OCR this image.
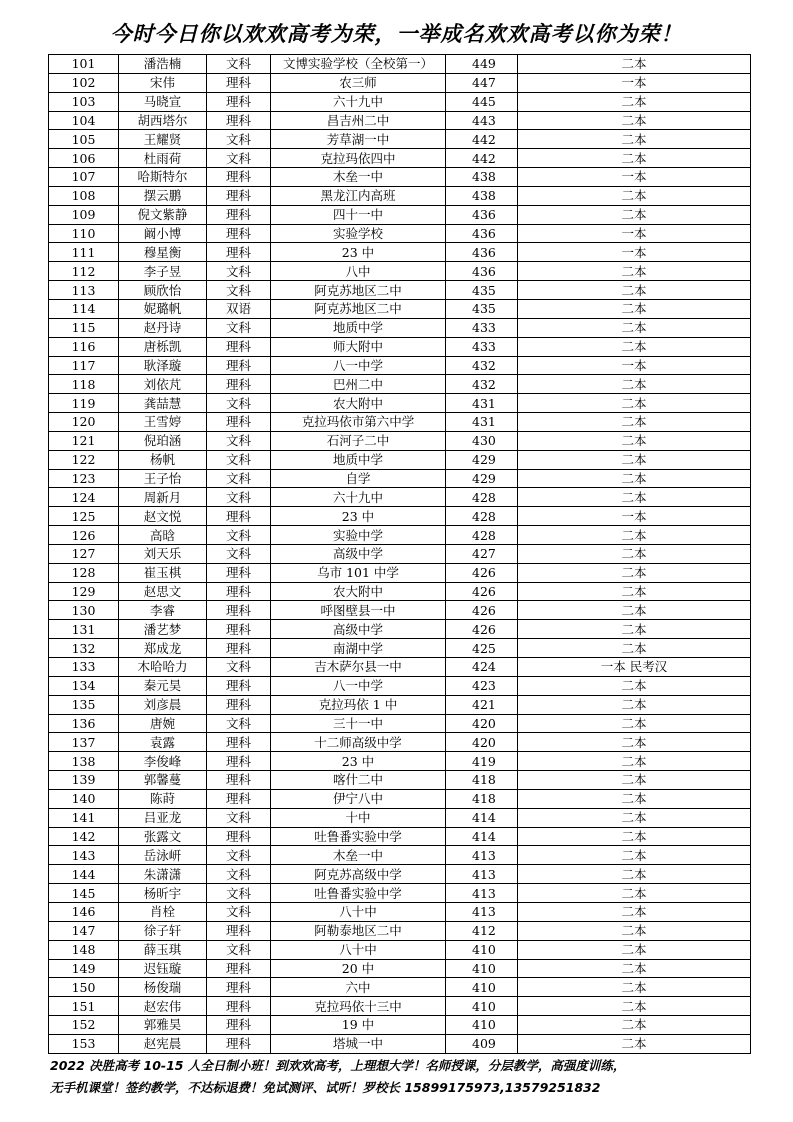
今时今日你以欢欢高考为荣，一举成名欢欢高考以你为荣！
101	潘浩楠	文科	文博实验学校（全校第一）	449	二本
102	宋伟	理科	农三师	447	一本
103	马晓宣	理科	六十九中	445	二本
104	胡西塔尔	理科	昌吉州二中	443	二本
105	王耀贤	文科	芳草湖一中	442	二本
106	杜雨荷	文科	克拉玛依四中	442	二本
107	哈斯特尔	理科	木垒一中	438	一本
108	摆云鹏	理科	黑龙江内高班	438	二本
109	倪文紫静	理科	四十一中	436	二本
110	阚小博	理科	实验学校	436	一本
111	穆星衡	理科	23 中	436	一本
112	李子昱	文科	八中	436	二本
113	顾欣怡	文科	阿克苏地区二中	435	二本
114	妮璐帆	双语	阿克苏地区二中	435	二本
115	赵丹诗	文科	地质中学	433	二本
116	唐栎凯	理科	师大附中	433	二本
117	耿泽璇	理科	八一中学	432	一本
118	刘依芃	理科	巴州二中	432	二本
119	龚喆慧	文科	农大附中	431	二本
120	王雪婷	理科	克拉玛依市第六中学	431	二本
121	倪珀涵	文科	石河子二中	430	二本
122	杨帆	文科	地质中学	429	二本
123	王子怡	文科	自学	429	二本
124	周新月	文科	六十九中	428	二本
125	赵文悦	理科	23 中	428	一本
126	高晗	文科	实验中学	428	二本
127	刘天乐	文科	高级中学	427	二本
128	崔玉棋	理科	乌市 101 中学	426	二本
129	赵思文	理科	农大附中	426	二本
130	李睿	理科	呼图壁县一中	426	二本
131	潘艺梦	理科	高级中学	426	二本
132	郑成龙	理科	南湖中学	425	二本
133	木哈哈力	文科	吉木萨尔县一中	424	一本 民考汉
134	秦元昊	理科	八一中学	423	二本
135	刘彦晨	理科	克拉玛依 1 中	421	二本
136	唐婉	文科	三十一中	420	二本
137	袁露	理科	十二师高级中学	420	二本
138	李俊峰	理科	23 中	419	二本
139	郭馨蔓	理科	喀什二中	418	二本
140	陈莳	理科	伊宁八中	418	二本
141	吕亚龙	文科	十中	414	二本
142	张露文	理科	吐鲁番实验中学	414	二本
143	岳泳岍	文科	木垒一中	413	二本
144	朱潇潇	文科	阿克苏高级中学	413	二本
145	杨昕宇	文科	吐鲁番实验中学	413	二本
146	肖栓	文科	八十中	413	二本
147	徐子轩	理科	阿勒泰地区二中	412	二本
148	薛玉琪	文科	八十中	410	二本
149	迟钰璇	理科	20 中	410	二本
150	杨俊瑞	理科	六中	410	二本
151	赵宏伟	理科	克拉玛依十三中	410	二本
152	郭雅昊	理科	19 中	410	二本
153	赵宪晨	理科	塔城一中	409	二本
2022 决胜高考 10-15 人全日制小班！到欢欢高考，上理想大学！名师授课，分层教学，高强度训练，
无手机课堂！签约教学，不达标退费！免试测评、试听！罗校长 15899175973,13579251832
